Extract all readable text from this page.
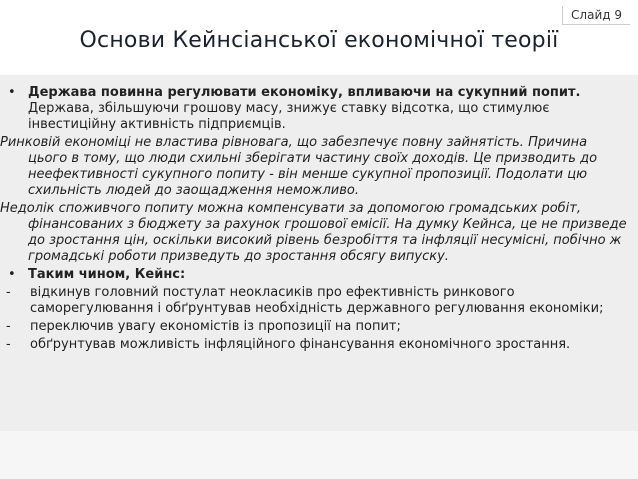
Слайд 9
Основи Кейнсіанської економічної теорії

• Держава повинна регулювати економіку, впливаючи на сукупний попит. Держава, збільшуючи грошову масу, знижує ставку відсотка, що стимулює інвестиційну активність підприємців.

Ринковій економіці не властива рівновага, що забезпечує повну зайнятість. Причина цього в тому, що люди схильні зберігати частину своїх доходів. Це призводить до неефективності сукупного попиту - він менше сукупної пропозиції. Подолати цю схильність людей до заощадження неможливо.

Недолік споживчого попиту можна компенсувати за допомогою громадських робіт, фінансованих з бюджету за рахунок грошової емісії. На думку Кейнса, це не призведе до зростання цін, оскільки високий рівень безробіття та інфляції несумісні, побічно ж громадські роботи призведуть до зростання обсягу випуску.

• Таким чином, Кейнс:

- відкинув головний постулат неокласиків про ефективність ринкового саморегулювання і обґрунтував необхідність державного регулювання економіки;

- переключив увагу економістів із пропозиції на попит;

- обґрунтував можливість інфляційного фінансування економічного зростання.
